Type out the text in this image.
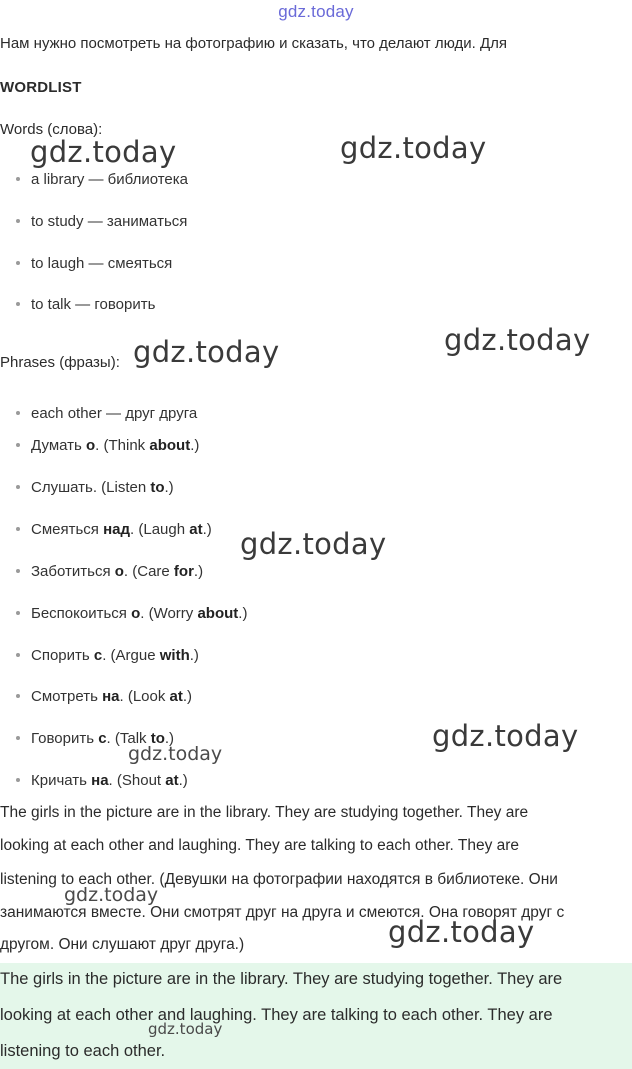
gdz.today
Нам нужно посмотреть на фотографию и сказать, что делают люди. Для
WORDLIST
Words (слова):
a library — библиотека
to study — заниматься
to laugh — смеяться
to talk — говорить
Phrases (фразы):
each other — друг друга
Думать о. (Think about.)
Слушать. (Listen to.)
Смеяться над. (Laugh at.)
Заботиться о. (Care for.)
Беспокоиться о. (Worry about.)
Спорить с. (Argue with.)
Смотреть на. (Look at.)
Говорить с. (Talk to.)
Кричать на. (Shout at.)
The girls in the picture are in the library. They are studying together. They are
looking at each other and laughing. They are talking to each other. They are
listening to each other. (Девушки на фотографии находятся в библиотеке. Они
занимаются вместе. Они смотрят друг на друга и смеются. Она говорят друг с
другом. Они слушают друг друга.)
The girls in the picture are in the library. They are studying together. They are
looking at each other and laughing. They are talking to each other. They are
listening to each other.
gdz.today	gdz.today
gdz.today	gdz.today
gdz.today
gdz.today
gdz.today
gdz.today
gdz.today
gdz.today
